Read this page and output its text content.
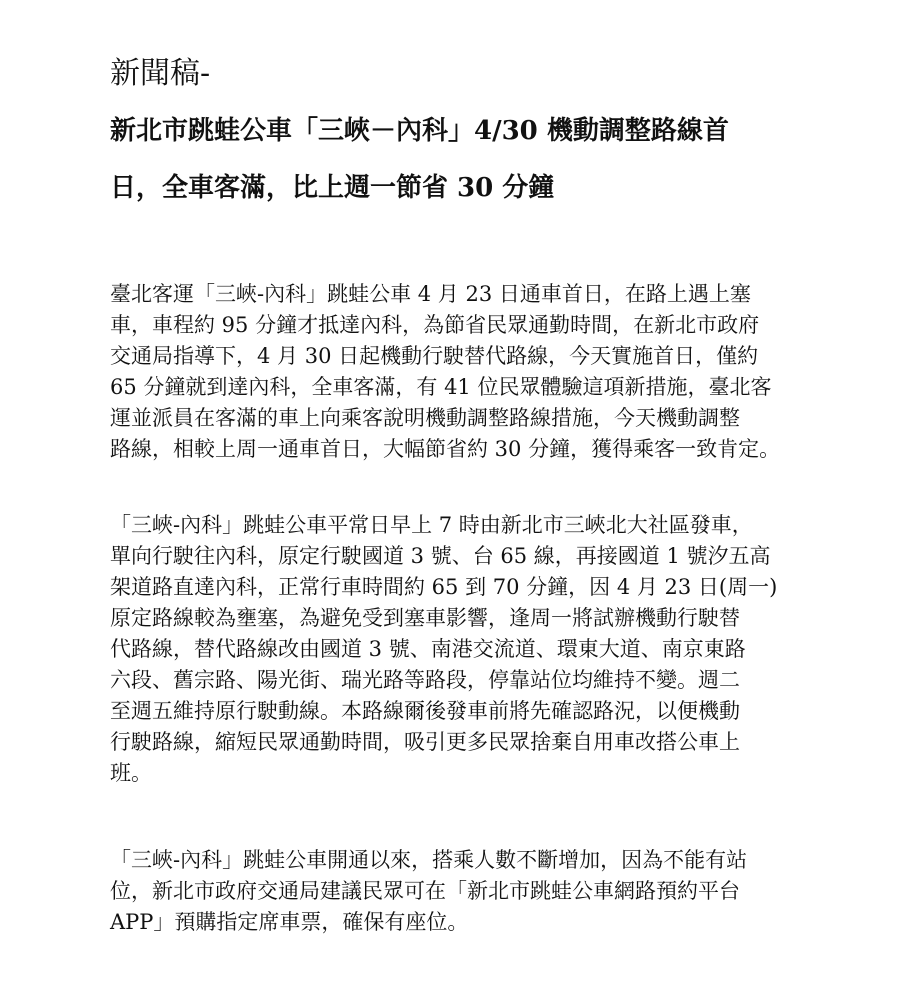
新聞稿-
新北市跳蛙公車「三峽－內科」4/30 機動調整路線首
日，全車客滿，比上週一節省 30 分鐘
臺北客運「三峽-內科」跳蛙公車 4 月 23 日通車首日，在路上遇上塞
車，車程約 95 分鐘才抵達內科，為節省民眾通勤時間，在新北市政府
交通局指導下，4 月 30 日起機動行駛替代路線，今天實施首日，僅約
65 分鐘就到達內科，全車客滿，有 41 位民眾體驗這項新措施，臺北客
運並派員在客滿的車上向乘客說明機動調整路線措施，今天機動調整
路線，相較上周一通車首日，大幅節省約 30 分鐘，獲得乘客一致肯定。
「三峽-內科」跳蛙公車平常日早上 7 時由新北市三峽北大社區發車，
單向行駛往內科，原定行駛國道 3 號、台 65 線，再接國道 1 號汐五高
架道路直達內科，正常行車時間約 65 到 70 分鐘，因 4 月 23 日(周一)
原定路線較為壅塞，為避免受到塞車影響，逢周一將試辦機動行駛替
代路線，替代路線改由國道 3 號、南港交流道、環東大道、南京東路
六段、舊宗路、陽光街、瑞光路等路段，停靠站位均維持不變。週二
至週五維持原行駛動線。本路線爾後發車前將先確認路況，以便機動
行駛路線，縮短民眾通勤時間，吸引更多民眾捨棄自用車改搭公車上
班。
「三峽-內科」跳蛙公車開通以來，搭乘人數不斷增加，因為不能有站
位，新北市政府交通局建議民眾可在「新北市跳蛙公車網路預約平台
APP」預購指定席車票，確保有座位。
